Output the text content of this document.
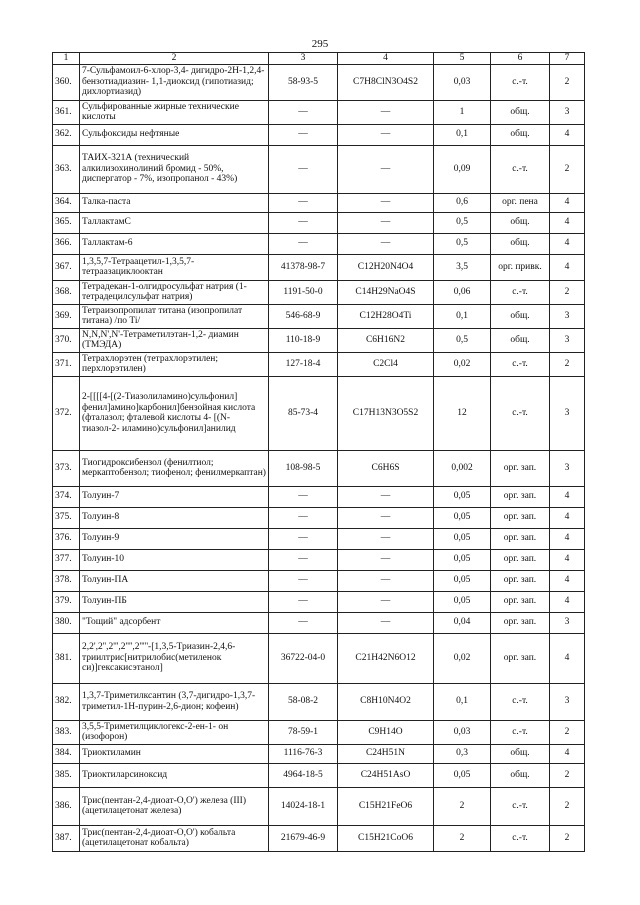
295
1	2	3	4	5	6	7
360.	7-Сульфамоил-6-хлор-3,4- дигидро-2Н-1,2,4-бензотиадиазин- 1,1-диоксид (гипотиазид; дихлортиазид)	58-93-5	C7H8ClN3O4S2	0,03	с.-т.	2
361.	Сульфированные жирные технические кислоты	—	—	1	общ.	3
362.	Сульфоксиды нефтяные	—	—	0,1	общ.	4
363.	ТАИХ-321А (технический алкилизохинолиний бромид - 50%, диспергатор - 7%, изопропанол - 43%)	—	—	0,09	с.-т.	2
364.	Талка-паста	—	—	0,6	орг. пена	4
365.	ТаллактамС	—	—	0,5	общ.	4
366.	Таллактам-6	—	—	0,5	общ.	4
367.	1,3,5,7-Тетраацетил-1,3,5,7-тетраазациклооктан	41378-98-7	C12H20N4O4	3,5	орг. привк.	4
368.	Тетрадекан-1-олгидросульфат натрия (1-тетрадецилсульфат натрия)	1191-50-0	C14H29NaO4S	0,06	с.-т.	2
369.	Тетраизопропилат титана (изопропилат титана) /по Ti/	546-68-9	C12H28O4Ti	0,1	общ.	3
370.	N,N,N',N'-Тетраметилэтан-1,2- диамин (ТМЭДА)	110-18-9	C6H16N2	0,5	общ.	3
371.	Тетрахлорэтен (тетрахлорэтилен; перхлорэтилен)	127-18-4	C2Cl4	0,02	с.-т.	2
372.	2-[[[[4-[(2-Тиазолиламино)сульфонил] фенил]амино]карбонил]бензойная кислота (фталазол; фталевой кислоты 4- [(N-тиазол-2- иламино)сульфонил]анилид	85-73-4	C17H13N3O5S2	12	с.-т.	3
373.	Тиогидроксибензол (фенилтиол; меркаптобензол; тиофенол; фенилмеркаптан)	108-98-5	C6H6S	0,002	орг. зап.	3
374.	Толуин-7	—	—	0,05	орг. зап.	4
375.	Толуин-8	—	—	0,05	орг. зап.	4
376.	Толуин-9	—	—	0,05	орг. зап.	4
377.	Толуин-10	—	—	0,05	орг. зап.	4
378.	Толуин-ПА	—	—	0,05	орг. зап.	4
379.	Толуин-ПБ	—	—	0,05	орг. зап.	4
380.	"Тощий" адсорбент	—	—	0,04	орг. зап.	3
381.	2,2',2'',2''',2'''',2'''''-[1,3,5-Триазин-2,4,6-триилтрис[нитрилобис(метиленок си)]гексакисэтанол]	36722-04-0	C21H42N6O12	0,02	орг. зап.	4
382.	1,3,7-Триметилксантин (3,7-дигидро-1,3,7-триметил-1Н-пурин-2,6-дион; кофеин)	58-08-2	C8H10N4O2	0,1	с.-т.	3
383.	3,5,5-Триметилциклогекс-2-ен-1- он (изофорон)	78-59-1	C9H14O	0,03	с.-т.	2
384.	Триоктиламин	1116-76-3	C24H51N	0,3	общ.	4
385.	Триоктиларсиноксид	4964-18-5	C24H51AsO	0,05	общ.	2
386.	Трис(пентан-2,4-диоат-О,О') железа (III) (ацетилацетонат железа)	14024-18-1	C15H21FeO6	2	с.-т.	2
387.	Трис(пентан-2,4-диоат-О,О') кобальта (ацетилацетонат кобальта)	21679-46-9	C15H21CoO6	2	с.-т.	2
